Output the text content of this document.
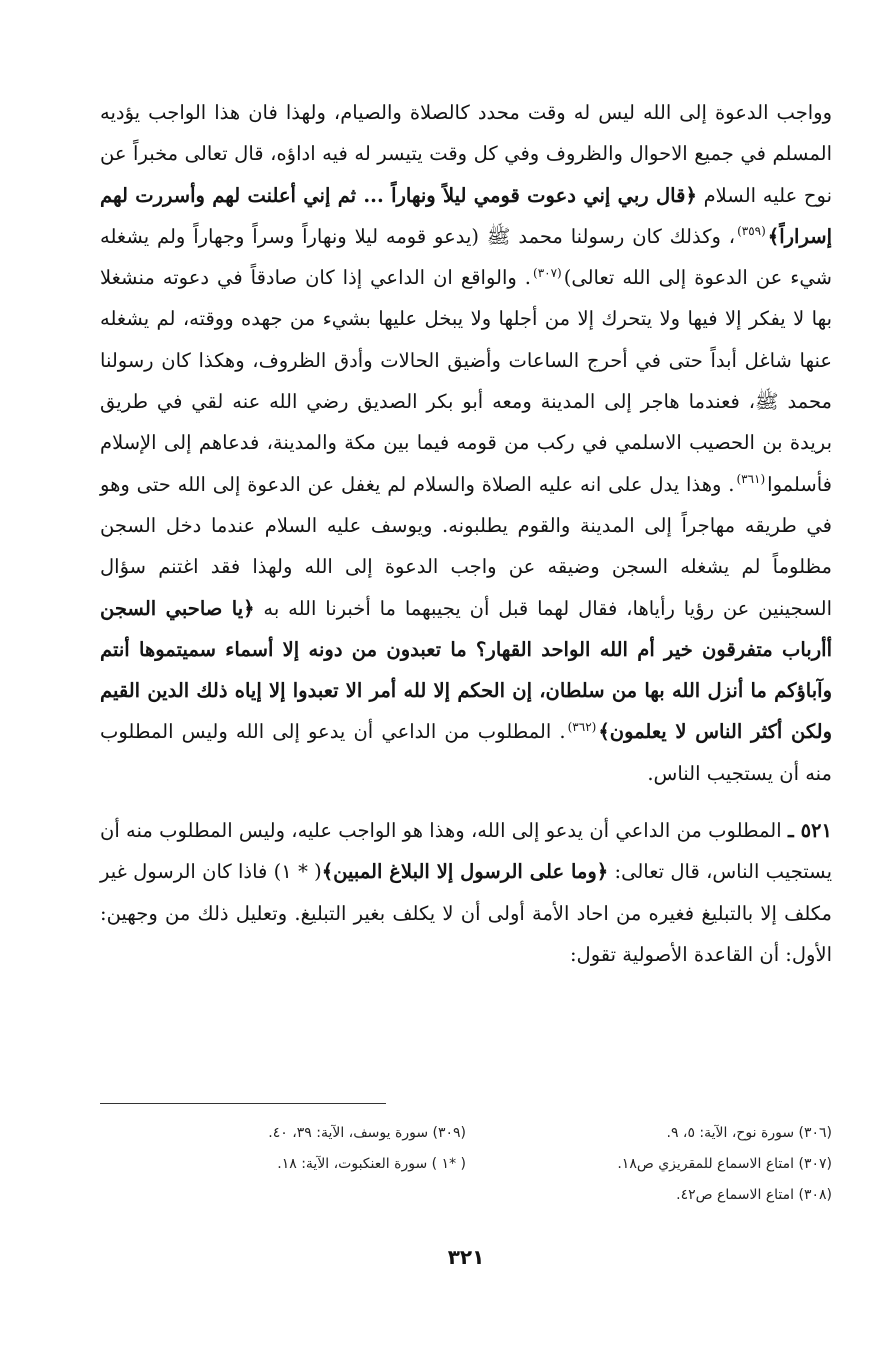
وواجب الدعوة إلى الله ليس له وقت محدد كالصلاة والصيام، ولهذا فان هذا الواجب يؤديه المسلم في جميع الاحوال والظروف وفي كل وقت يتيسر له فيه اداؤه، قال تعالى مخبراً عن نوح عليه السلام ﴿قال ربي إني دعوت قومي ليلاً ونهاراً ... ثم إني أعلنت لهم وأسررت لهم إسراراً﴾$^{(٣٥٩)}$، وكذلك كان رسولنا محمد ﷺ (يدعو قومه ليلا ونهاراً وسراً وجهاراً ولم يشغله شيء عن الدعوة إلى الله تعالى)$^{(٣٠٧)}$. والواقع ان الداعي إذا كان صادقاً في دعوته منشغلا بها لا يفكر إلا فيها ولا يتحرك إلا من أجلها ولا يبخل عليها بشيء من جهده ووقته، لم يشغله عنها شاغل أبداً حتى في أحرج الساعات وأضيق الحالات وأدق الظروف، وهكذا كان رسولنا محمد ﷺ، فعندما هاجر إلى المدينة ومعه أبو بكر الصديق رضي الله عنه لقي في طريق بريدة بن الحصيب الاسلمي في ركب من قومه فيما بين مكة والمدينة، فدعاهم إلى الإسلام فأسلموا$^{(٣٦١)}$. وهذا يدل على انه عليه الصلاة والسلام لم يغفل عن الدعوة إلى الله حتى وهو في طريقه مهاجراً إلى المدينة والقوم يطلبونه. ويوسف عليه السلام عندما دخل السجن مظلوماً لم يشغله السجن وضيقه عن واجب الدعوة إلى الله ولهذا فقد اغتنم سؤال السجينين عن رؤيا رأياها، فقال لهما قبل أن يجيبهما ما أخبرنا الله به ﴿يا صاحبي السجن أأرباب متفرقون خير أم الله الواحد القهار؟ ما تعبدون من دونه إلا أسماء سميتموها أنتم وآباؤكم ما أنزل الله بها من سلطان، إن الحكم إلا لله أمر الا تعبدوا إلا إياه ذلك الدين القيم ولكن أكثر الناس لا يعلمون﴾$^{(٣٦٢)}$. المطلوب من الداعي أن يدعو إلى الله وليس المطلوب منه أن يستجيب الناس.

٥٢١ ـ المطلوب من الداعي أن يدعو إلى الله، وهذا هو الواجب عليه، وليس المطلوب منه أن يستجيب الناس، قال تعالى: ﴿وما على الرسول إلا البلاغ المبين﴾( * ١) فاذا كان الرسول غير مكلف إلا بالتبليغ فغيره من احاد الأمة أولى أن لا يكلف بغير التبليغ. وتعليل ذلك من وجهين: الأول: أن القاعدة الأصولية تقول:

(٣٠٦) سورة نوح، الآية: ٥، ٩.
(٣٠٩) سورة يوسف، الآية: ٣٩، ٤٠.
(٣٠٧) امتاع الاسماع للمقريزي ص١٨.
( *١ ) سورة العنكبوت، الآية: ١٨.
(٣٠٨) امتاع الاسماع ص٤٢.
٣٢١
